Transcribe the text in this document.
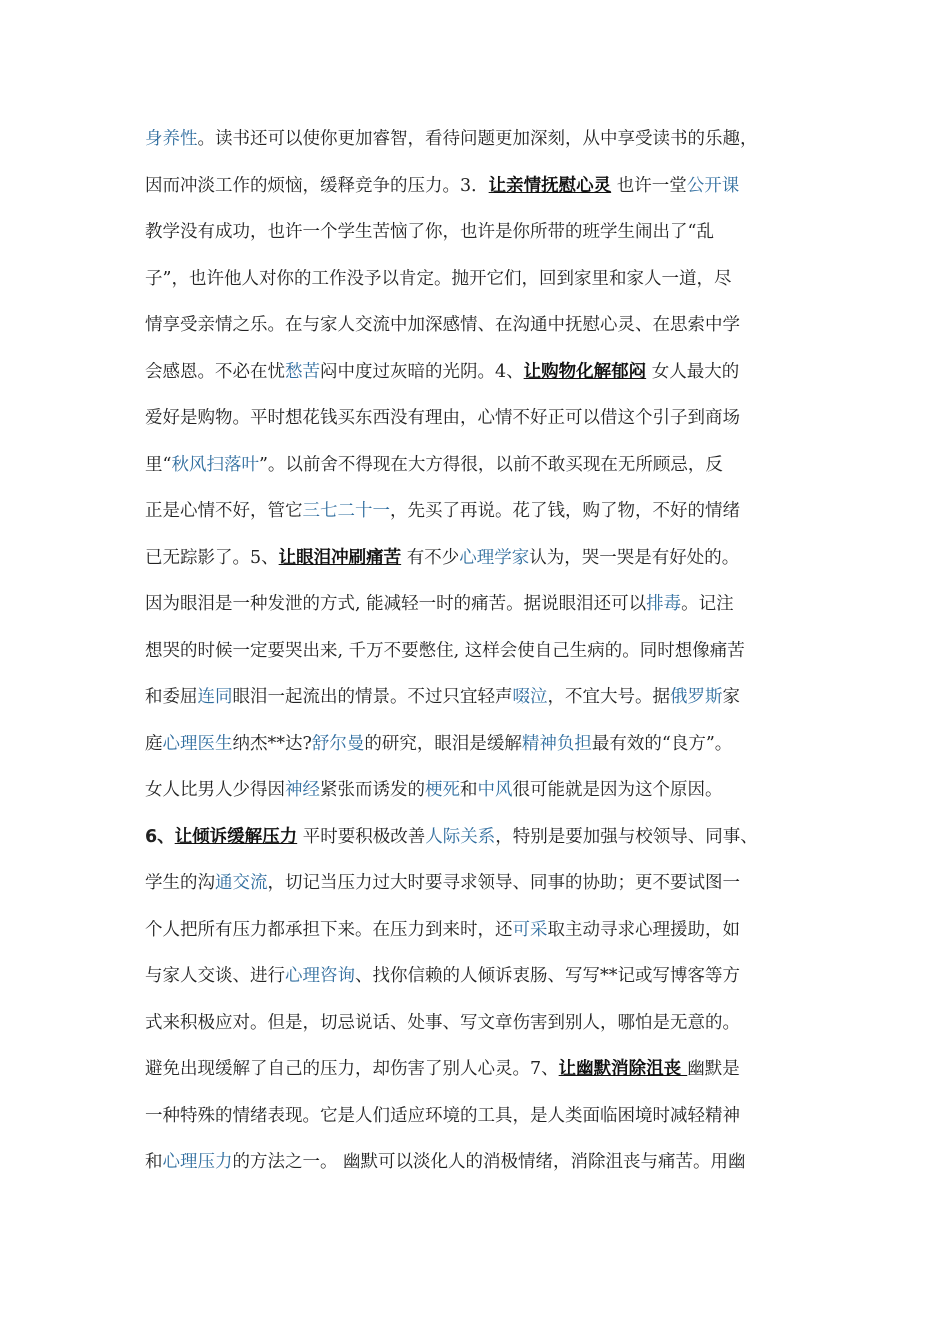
身养性。读书还可以使你更加睿智，看待问题更加深刻，从中享受读书的乐趣，
因而冲淡工作的烦恼，缓释竞争的压力。3．让亲情抚慰心灵 也许一堂公开课
教学没有成功，也许一个学生苦恼了你，也许是你所带的班学生闹出了“乱
子”，也许他人对你的工作没予以肯定。抛开它们，回到家里和家人一道，尽
情享受亲情之乐。在与家人交流中加深感情、在沟通中抚慰心灵、在思索中学
会感恩。不必在忧愁苦闷中度过灰暗的光阴。4、让购物化解郁闷 女人最大的
爱好是购物。平时想花钱买东西没有理由，心情不好正可以借这个引子到商场
里“秋风扫落叶”。以前舍不得现在大方得很，以前不敢买现在无所顾忌，反
正是心情不好，管它三七二十一，先买了再说。花了钱，购了物，不好的情绪
已无踪影了。5、让眼泪冲刷痛苦 有不少心理学家认为，哭一哭是有好处的。
因为眼泪是一种发泄的方式, 能减轻一时的痛苦。据说眼泪还可以排毒。记注
想哭的时候一定要哭出来, 千万不要憋住, 这样会使自己生病的。同时想像痛苦
和委屈连同眼泪一起流出的情景。不过只宜轻声啜泣，不宜大号。据俄罗斯家
庭心理医生纳杰**达?舒尔曼的研究，眼泪是缓解精神负担最有效的“良方”。
女人比男人少得因神经紧张而诱发的梗死和中风很可能就是因为这个原因。
6、让倾诉缓解压力 平时要积极改善人际关系，特别是要加强与校领导、同事、
学生的沟通交流，切记当压力过大时要寻求领导、同事的协助；更不要试图一
个人把所有压力都承担下来。在压力到来时，还可采取主动寻求心理援助，如
与家人交谈、进行心理咨询、找你信赖的人倾诉衷肠、写写**记或写博客等方
式来积极应对。但是，切忌说话、处事、写文章伤害到别人，哪怕是无意的。
避免出现缓解了自己的压力，却伤害了别人心灵。7、让幽默消除沮丧 幽默是
一种特殊的情绪表现。它是人们适应环境的工具，是人类面临困境时减轻精神
和心理压力的方法之一。 幽默可以淡化人的消极情绪，消除沮丧与痛苦。用幽
